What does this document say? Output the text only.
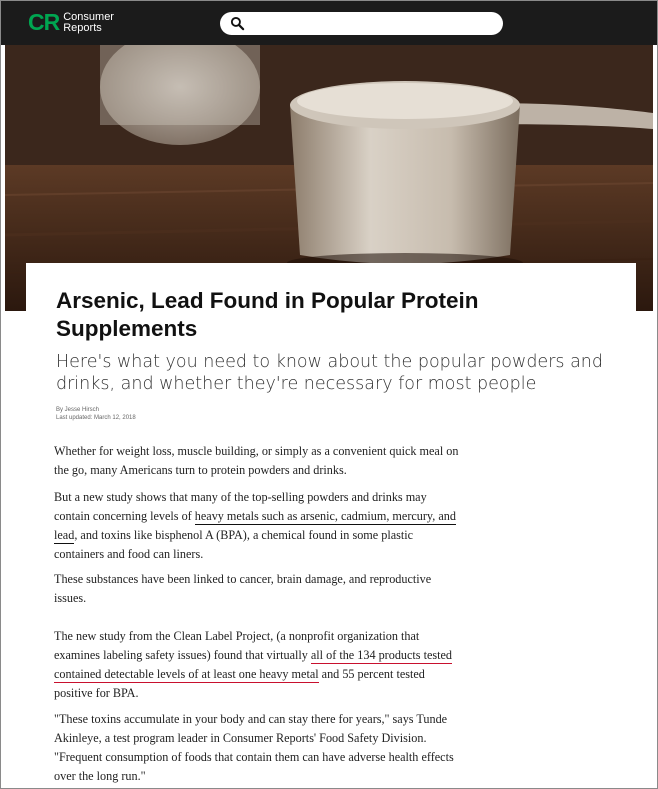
CR Consumer
Reports
Arsenic, Lead Found in Popular Protein Supplements

Here's what you need to know about the popular powders and drinks, and whether they're necessary for most people

By Jesse Hirsch
Last updated: March 12, 2018

Whether for weight loss, muscle building, or simply as a convenient quick meal on the go, many Americans turn to protein powders and drinks.

But a new study shows that many of the top-selling powders and drinks may contain concerning levels of heavy metals such as arsenic, cadmium, mercury, and lead, and toxins like bisphenol A (BPA), a chemical found in some plastic containers and food can liners.

These substances have been linked to cancer, brain damage, and reproductive issues.

The new study from the Clean Label Project, (a nonprofit organization that examines labeling safety issues) found that virtually all of the 134 products tested contained detectable levels of at least one heavy metal and 55 percent tested positive for BPA.

"These toxins accumulate in your body and can stay there for years," says Tunde Akinleye, a test program leader in Consumer Reports' Food Safety Division. "Frequent consumption of foods that contain them can have adverse health effects over the long run."
